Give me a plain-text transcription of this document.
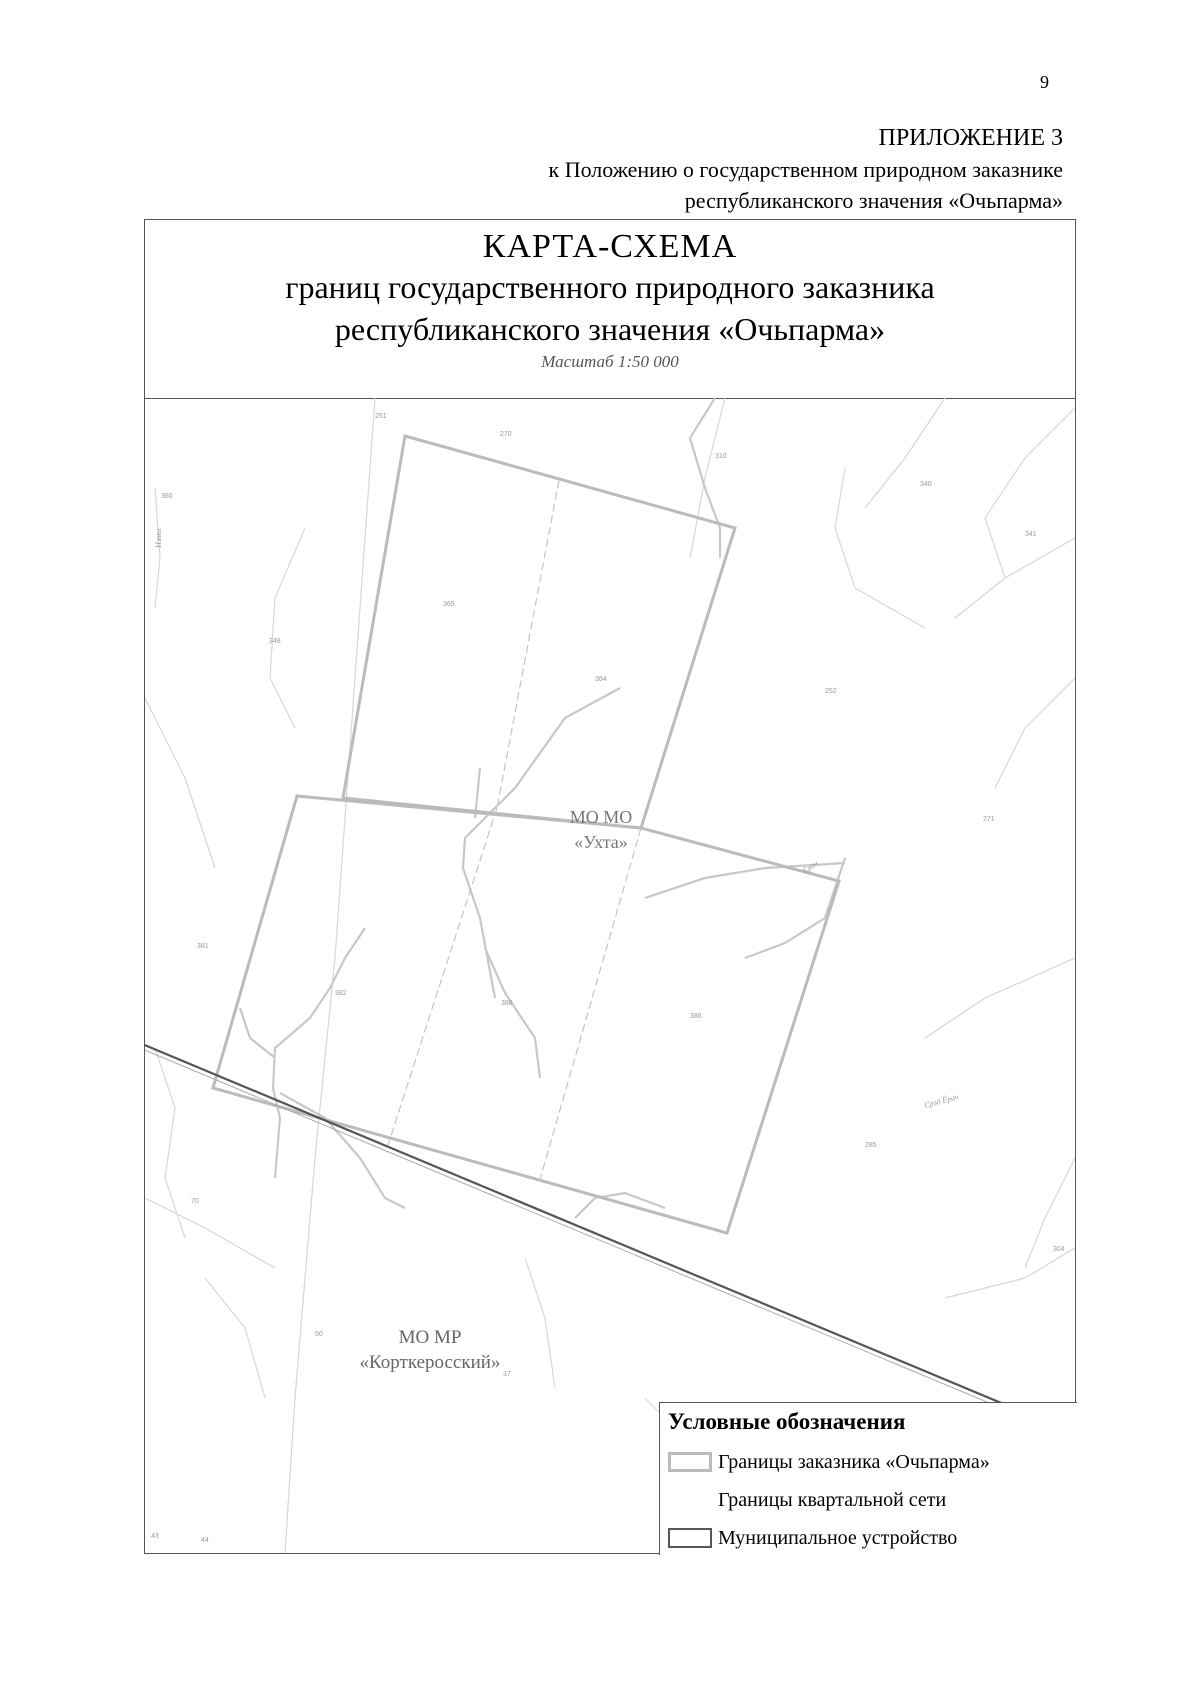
9
ПРИЛОЖЕНИЕ 3
к Положению о государственном природном заказнике
республиканского значения «Очьпарма»
КАРТА-СХЕМА
границ государственного природного заказника
республиканского значения «Очьпарма»
Масштаб 1:50 000
МО МО
«Ухта»
МО МР
«Корткеросский»
251
270
310
340
341
360
348
365
384
252
271
381
382
386
386
285
304
70
50
37
43
44
Нэмы
Срэд Ёрач
Ёрач
Условные обозначения
Границы заказника «Очьпарма»
Границы квартальной сети
Муниципальное устройство
